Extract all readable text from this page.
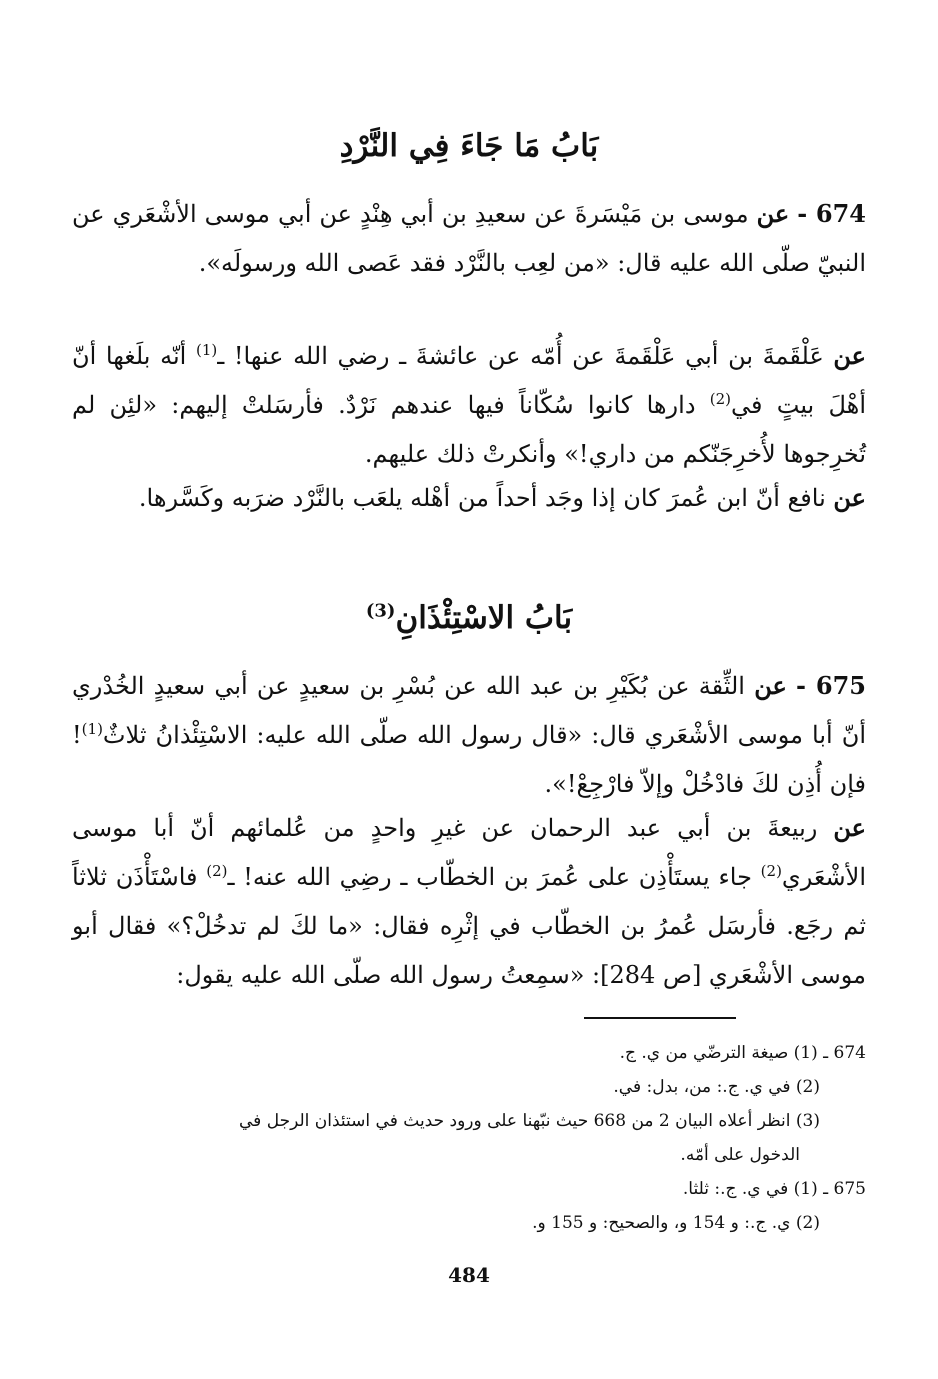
بَابُ مَا جَاءَ فِي النَّرْدِ
674 - عن موسى بن مَيْسَرةَ عن سعيدِ بن أبي هِنْدٍ عن أبي موسى الأشْعَري عن النبيّ صلّى الله عليه قال: «من لعِب بالنَّرْد فقد عَصى الله ورسولَه».
عن عَلْقَمةَ بن أبي عَلْقَمةَ عن أُمّه عن عائشةَ ـ رضي الله عنها! ـ$^{(1)}$ أنّه بلَغها أنّ أهْلَ بيتٍ في$^{(2)}$ دارها كانوا سُكّاناً فيها عندهم نَرْدٌ. فأرسَلتْ إليهم: «لئِن لم تُخرِجوها لأُخرِجَنّكم من داري!» وأنكرتْ ذلك عليهم.
عن نافع أنّ ابن عُمرَ كان إذا وجَد أحداً من أهْله يلعَب بالنَّرْد ضرَبه وكَسَّرها.
بَابُ الاسْتِئْذَانِ$^{(3)}$
675 - عن الثِّقة عن بُكَيْرِ بن عبد الله عن بُسْرِ بن سعيدٍ عن أبي سعيدٍ الخُدْري أنّ أبا موسى الأشْعَري قال: «قال رسول الله صلّى الله عليه: الاسْتِئْذانُ ثلاثٌ$^{(1)}$! فإن أُذِن لكَ فادْخُلْ وإلاّ فارْجِعْ!».
عن ربيعةَ بن أبي عبد الرحمان عن غيرِ واحدٍ من عُلمائهم أنّ أبا موسى الأشْعَري$^{(2)}$ جاء يستَأْذِن على عُمرَ بن الخطّاب ـ رضِي الله عنه! ـ$^{(2)}$ فاسْتَأْذَن ثلاثاً ثم رجَع. فأرسَل عُمرُ بن الخطّاب في إثْرِه فقال: «ما لكَ لم تدخُلْ؟» فقال أبو موسى الأشْعَري [ص 284]: «سمِعتُ رسول الله صلّى الله عليه يقول:
674 ـ (1) صيغة الترضّي من ي. ج.
(2) في ي. ج.: من، بدل: في.
(3) انظر أعلاه البيان 2 من 668 حيث نبّهنا على ورود حديث في استئذان الرجل في
الدخول على أمّه.
675 ـ (1) في ي. ج.: ثلثا.
(2) ي. ج.: و 154 و، والصحيح: و 155 و.
484
